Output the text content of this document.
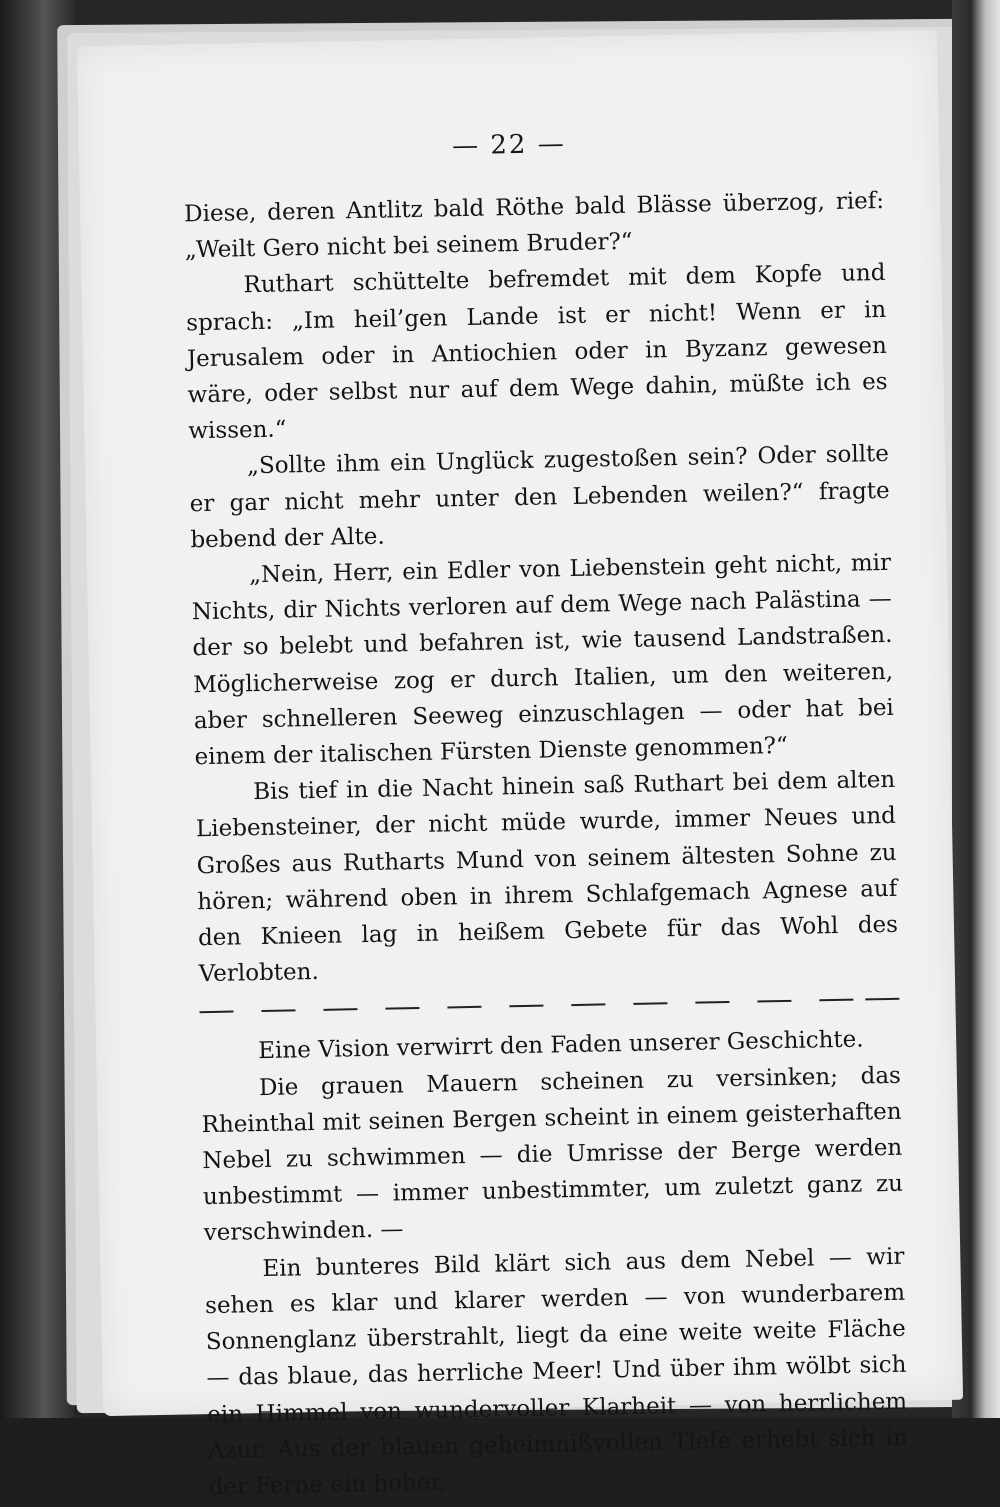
— 22 —

Diese, deren Antlitz bald Röthe bald Blässe überzog, rief: „Weilt Gero nicht bei seinem Bruder?“

Ruthart schüttelte befremdet mit dem Kopfe und sprach: „Im heil’gen Lande ist er nicht! Wenn er in Jerusalem oder in Antiochien oder in Byzanz gewesen wäre, oder selbst nur auf dem Wege dahin, müßte ich es wissen.“

„Sollte ihm ein Unglück zugestoßen sein? Oder sollte er gar nicht mehr unter den Lebenden weilen?“ fragte bebend der Alte.

„Nein, Herr, ein Edler von Liebenstein geht nicht, mir Nichts, dir Nichts verloren auf dem Wege nach Palästina — der so belebt und befahren ist, wie tausend Landstraßen. Möglicherweise zog er durch Italien, um den weiteren, aber schnelleren Seeweg einzuschlagen — oder hat bei einem der italischen Fürsten Dienste genommen?“

Bis tief in die Nacht hinein saß Ruthart bei dem alten Liebensteiner, der nicht müde wurde, immer Neues und Großes aus Rutharts Mund von seinem ältesten Sohne zu hören; während oben in ihrem Schlafgemach Agnese auf den Knieen lag in heißem Gebete für das Wohl des Verlobten.

Eine Vision verwirrt den Faden unserer Geschichte.

Die grauen Mauern scheinen zu versinken; das Rheinthal mit seinen Bergen scheint in einem geisterhaften Nebel zu schwimmen — die Umrisse der Berge werden unbestimmt — immer unbestimmter, um zuletzt ganz zu verschwinden. —

Ein bunteres Bild klärt sich aus dem Nebel — wir sehen es klar und klarer werden — von wunderbarem Sonnenglanz überstrahlt, liegt da eine weite weite Fläche — das blaue, das herrliche Meer! Und über ihm wölbt sich ein Himmel von wundervoller Klarheit — von herrlichem Azur. Aus der blauen geheimnißvollen Tiefe erhebt sich in der Ferne ein hoher,
